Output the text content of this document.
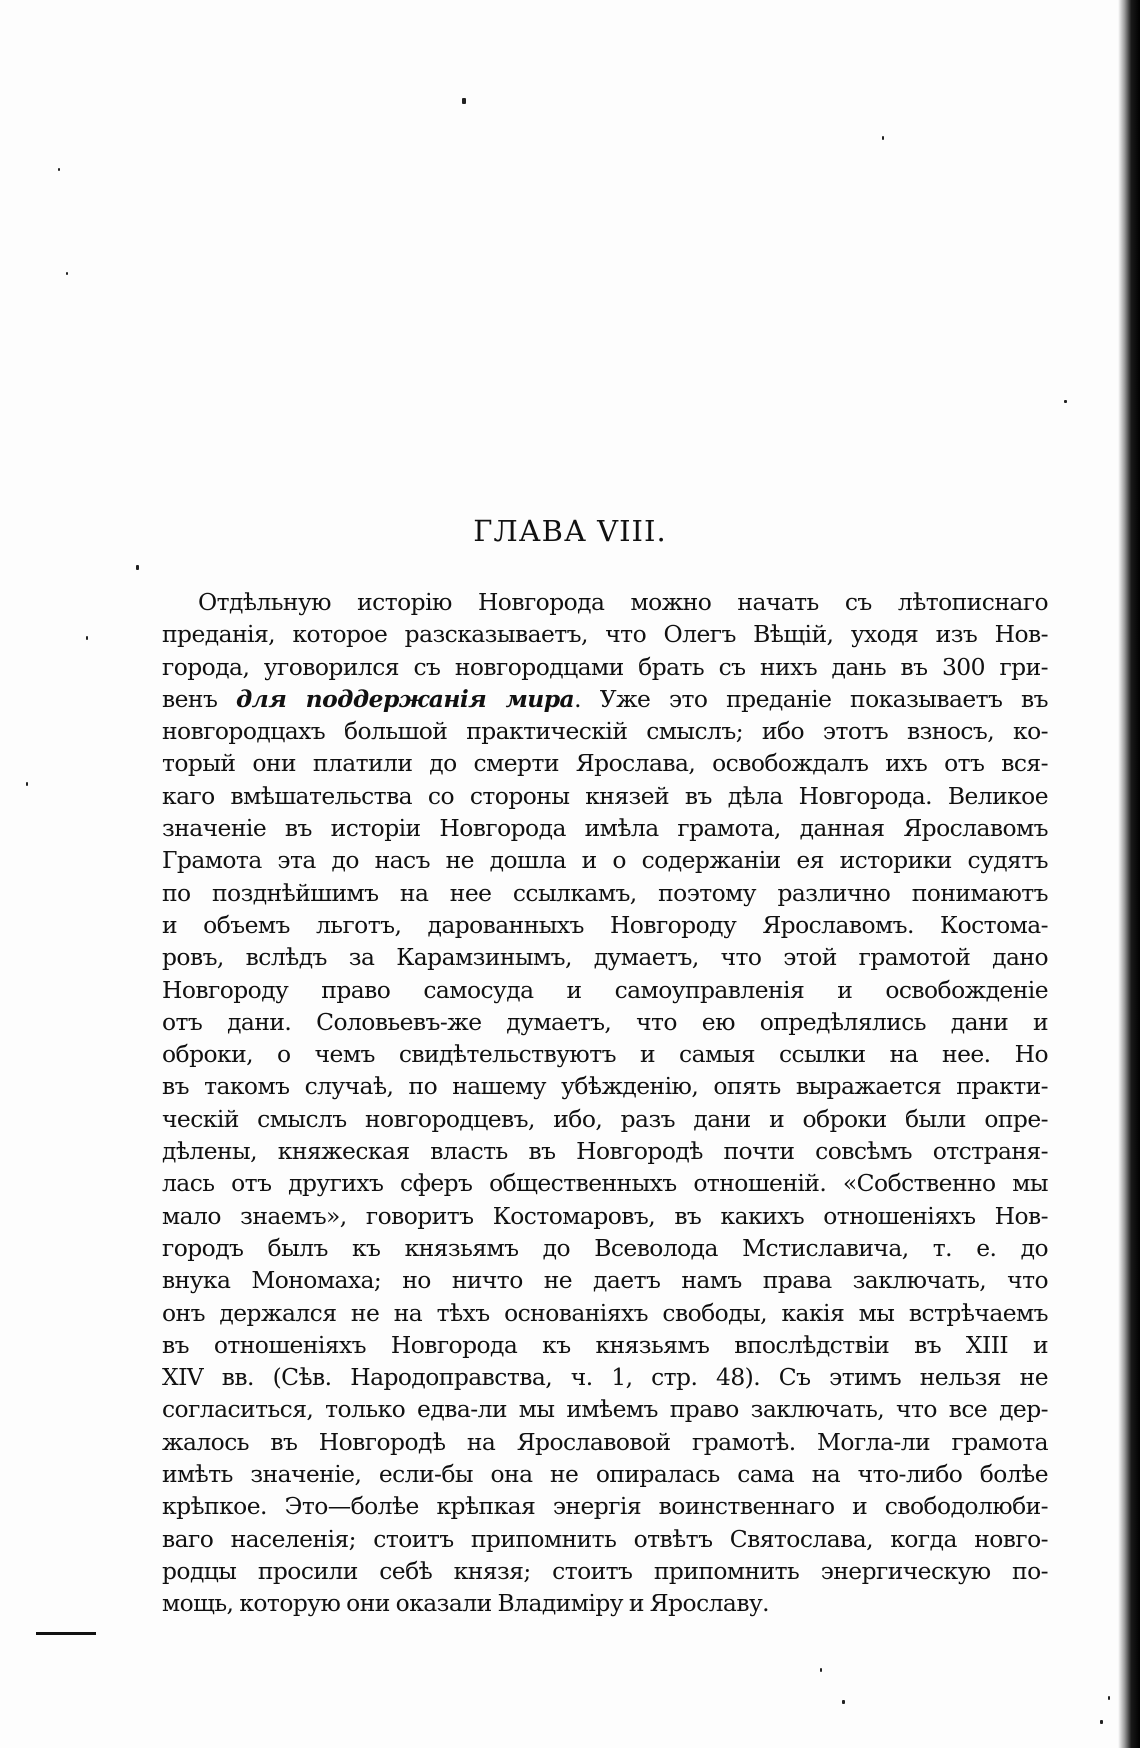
ГЛАВА VIII.
Отдѣльную исторію Новгорода можно начать съ лѣтописнаго
преданія, которое разсказываетъ, что Олегъ Вѣщій, уходя изъ Нов-
города, уговорился съ новгородцами брать съ нихъ дань въ 300 гри-
венъ для поддержанія мира. Уже это преданіе показываетъ въ
новгородцахъ большой практическій смыслъ; ибо этотъ взносъ, ко-
торый они платили до смерти Ярослава, освобождалъ ихъ отъ вся-
каго вмѣшательства со стороны князей въ дѣла Новгорода. Великое
значеніе въ исторіи Новгорода имѣла грамота, данная Ярославомъ
Грамота эта до насъ не дошла и о содержаніи ея историки судятъ
по позднѣйшимъ на нее ссылкамъ, поэтому различно понимаютъ
и объемъ льготъ, дарованныхъ Новгороду Ярославомъ. Костома-
ровъ, вслѣдъ за Карамзинымъ, думаетъ, что этой грамотой дано
Новгороду право самосуда и самоуправленія и освобожденіе
отъ дани. Соловьевъ-же думаетъ, что ею опредѣлялись дани и
оброки, о чемъ свидѣтельствуютъ и самыя ссылки на нее. Но
въ такомъ случаѣ, по нашему убѣжденію, опять выражается практи-
ческій смыслъ новгородцевъ, ибо, разъ дани и оброки были опре-
дѣлены, княжеская власть въ Новгородѣ почти совсѣмъ отстраня-
лась отъ другихъ сферъ общественныхъ отношеній. «Собственно мы
мало знаемъ», говоритъ Костомаровъ, въ какихъ отношеніяхъ Нов-
городъ былъ къ князьямъ до Всеволода Мстиславича, т. е. до
внука Мономаха; но ничто не даетъ намъ права заключать, что
онъ держался не на тѣхъ основаніяхъ свободы, какія мы встрѣчаемъ
въ отношеніяхъ Новгорода къ князьямъ впослѣдствіи въ XIII и
XIV вв. (Сѣв. Народоправства, ч. 1, стр. 48). Съ этимъ нельзя не
согласиться, только едва-ли мы имѣемъ право заключать, что все дер-
жалось въ Новгородѣ на Ярославовой грамотѣ. Могла-ли грамота
имѣть значеніе, если-бы она не опиралась сама на что-либо болѣе
крѣпкое. Это—болѣе крѣпкая энергія воинственнаго и свободолюби-
ваго населенія; стоитъ припомнить отвѣтъ Святослава, когда новго-
родцы просили себѣ князя; стоитъ припомнить энергическую по-
мощь, которую они оказали Владиміру и Ярославу.
